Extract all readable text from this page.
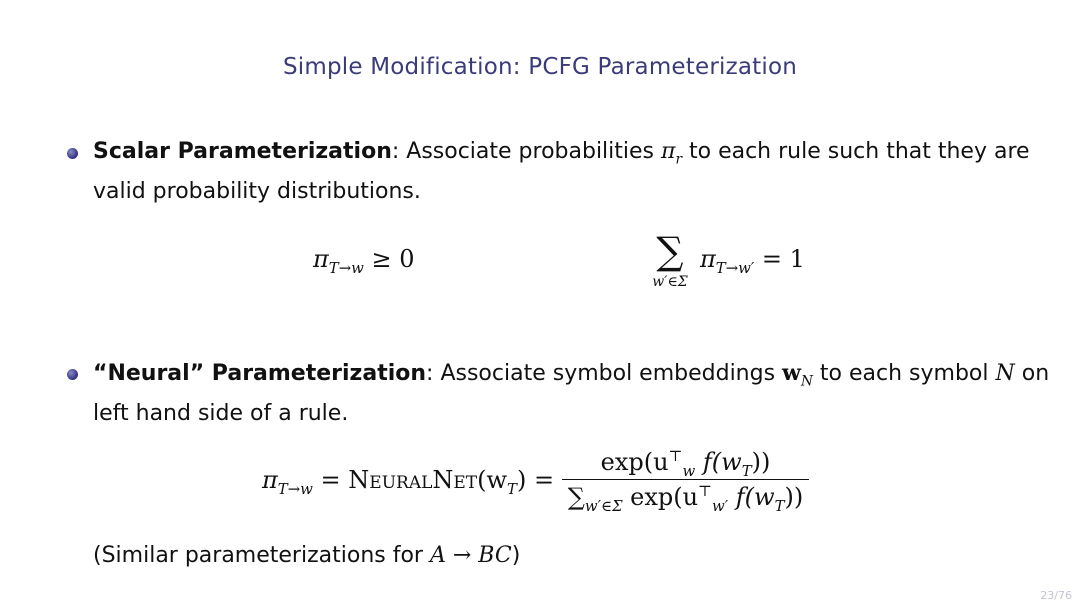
Simple Modification: PCFG Parameterization
Scalar Parameterization: Associate probabilities $\pi_r$ to each rule such that they are
valid probability distributions.
$\pi_{T\to w} \ge 0$	∑
w′∈Σ
$\pi_{T\to w'} = 1$
“Neural” Parameterization: Associate symbol embeddings $w_N$ to each symbol N on
left hand side of a rule.
$\pi_{T\to w}$ = $NeuralNet(w_T) = \frac{\exp(u^⊤_w f(w_T))}{\sum_{w'\in\Sigma} \exp(u^⊤_{w'} f(w_T))}$
(Similar parameterizations for A → BC)
23/76
